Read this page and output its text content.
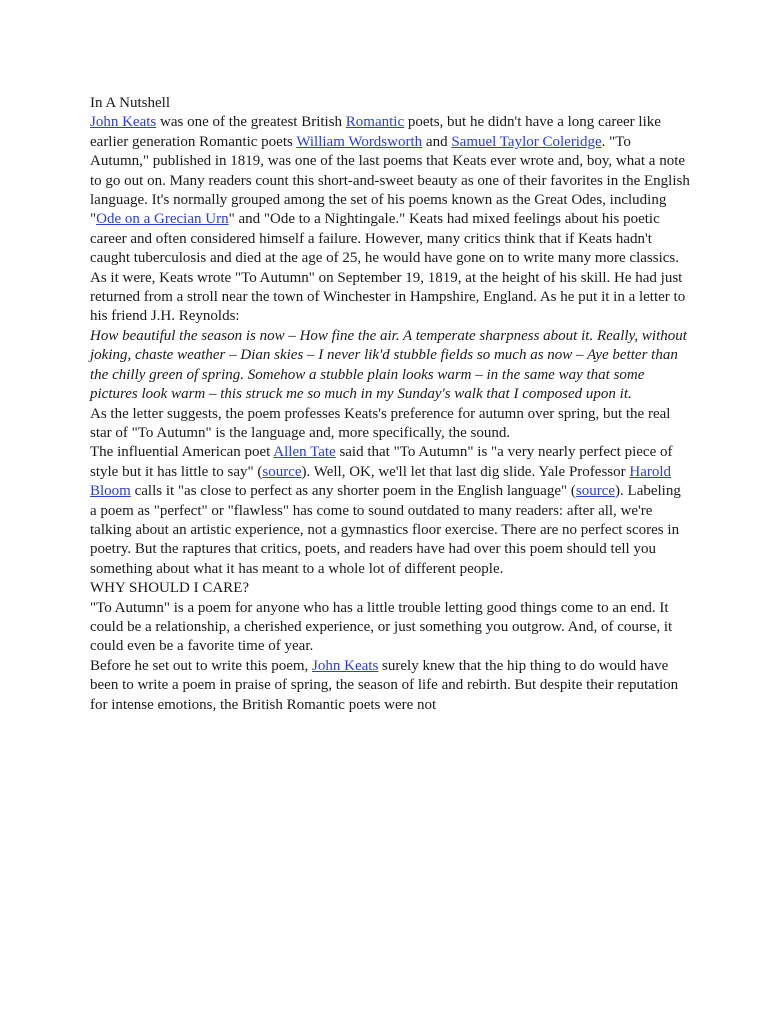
In A Nutshell

John Keats was one of the greatest British Romantic poets, but he didn't have a long career like earlier generation Romantic poets William Wordsworth and Samuel Taylor Coleridge. "To Autumn," published in 1819, was one of the last poems that Keats ever wrote and, boy, what a note to go out on. Many readers count this short-and-sweet beauty as one of their favorites in the English language. It's normally grouped among the set of his poems known as the Great Odes, including "Ode on a Grecian Urn" and "Ode to a Nightingale." Keats had mixed feelings about his poetic career and often considered himself a failure. However, many critics think that if Keats hadn't caught tuberculosis and died at the age of 25, he would have gone on to write many more classics.

As it were, Keats wrote "To Autumn" on September 19, 1819, at the height of his skill. He had just returned from a stroll near the town of Winchester in Hampshire, England. As he put it in a letter to his friend J.H. Reynolds:

How beautiful the season is now – How fine the air. A temperate sharpness about it. Really, without joking, chaste weather – Dian skies – I never lik'd stubble fields so much as now – Aye better than the chilly green of spring. Somehow a stubble plain looks warm – in the same way that some pictures look warm – this struck me so much in my Sunday's walk that I composed upon it.

As the letter suggests, the poem professes Keats's preference for autumn over spring, but the real star of "To Autumn" is the language and, more specifically, the sound.

The influential American poet Allen Tate said that "To Autumn" is "a very nearly perfect piece of style but it has little to say" (source). Well, OK, we'll let that last dig slide. Yale Professor Harold Bloom calls it "as close to perfect as any shorter poem in the English language" (source). Labeling a poem as "perfect" or "flawless" has come to sound outdated to many readers: after all, we're talking about an artistic experience, not a gymnastics floor exercise. There are no perfect scores in poetry. But the raptures that critics, poets, and readers have had over this poem should tell you something about what it has meant to a whole lot of different people.

WHY SHOULD I CARE?

"To Autumn" is a poem for anyone who has a little trouble letting good things come to an end. It could be a relationship, a cherished experience, or just something you outgrow. And, of course, it could even be a favorite time of year.

Before he set out to write this poem, John Keats surely knew that the hip thing to do would have been to write a poem in praise of spring, the season of life and rebirth. But despite their reputation for intense emotions, the British Romantic poets were not
